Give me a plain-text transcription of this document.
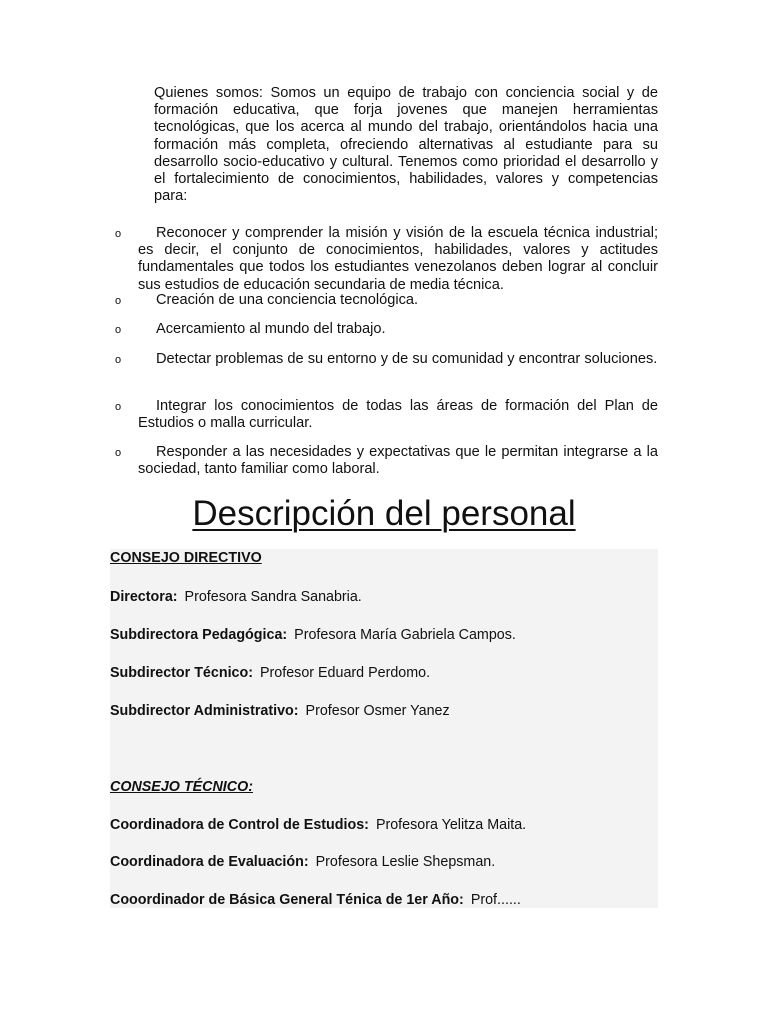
Quienes somos: Somos un equipo de trabajo con conciencia social y de formación educativa, que forja jovenes que manejen herramientas tecnológicas, que los acerca al mundo del trabajo, orientándolos hacia una formación más completa, ofreciendo alternativas al estudiante para su desarrollo socio-educativo y cultural. Tenemos como prioridad el desarrollo y el fortalecimiento de conocimientos, habilidades, valores y competencias para:

o Reconocer y comprender la misión y visión de la escuela técnica industrial; es decir, el conjunto de conocimientos, habilidades, valores y actitudes fundamentales que todos los estudiantes venezolanos deben lograr al concluir sus estudios de educación secundaria de media técnica.
o Creación de una conciencia tecnológica.
o Acercamiento al mundo del trabajo.
o Detectar problemas de su entorno y de su comunidad y encontrar soluciones.
o Integrar los conocimientos de todas las áreas de formación del Plan de Estudios o malla curricular.
o Responder a las necesidades y expectativas que le permitan integrarse a la sociedad, tanto familiar como laboral.
Descripción del personal
CONSEJO DIRECTIVO
Directora: Profesora Sandra Sanabria.
Subdirectora Pedagógica: Profesora María Gabriela Campos.
Subdirector Técnico: Profesor Eduard Perdomo.
Subdirector Administrativo: Profesor Osmer Yanez
CONSEJO TÉCNICO:
Coordinadora de Control de Estudios: Profesora Yelitza Maita.
Coordinadora de Evaluación: Profesora Leslie Shepsman.
Cooordinador de Básica General Ténica de 1er Año: Prof......
